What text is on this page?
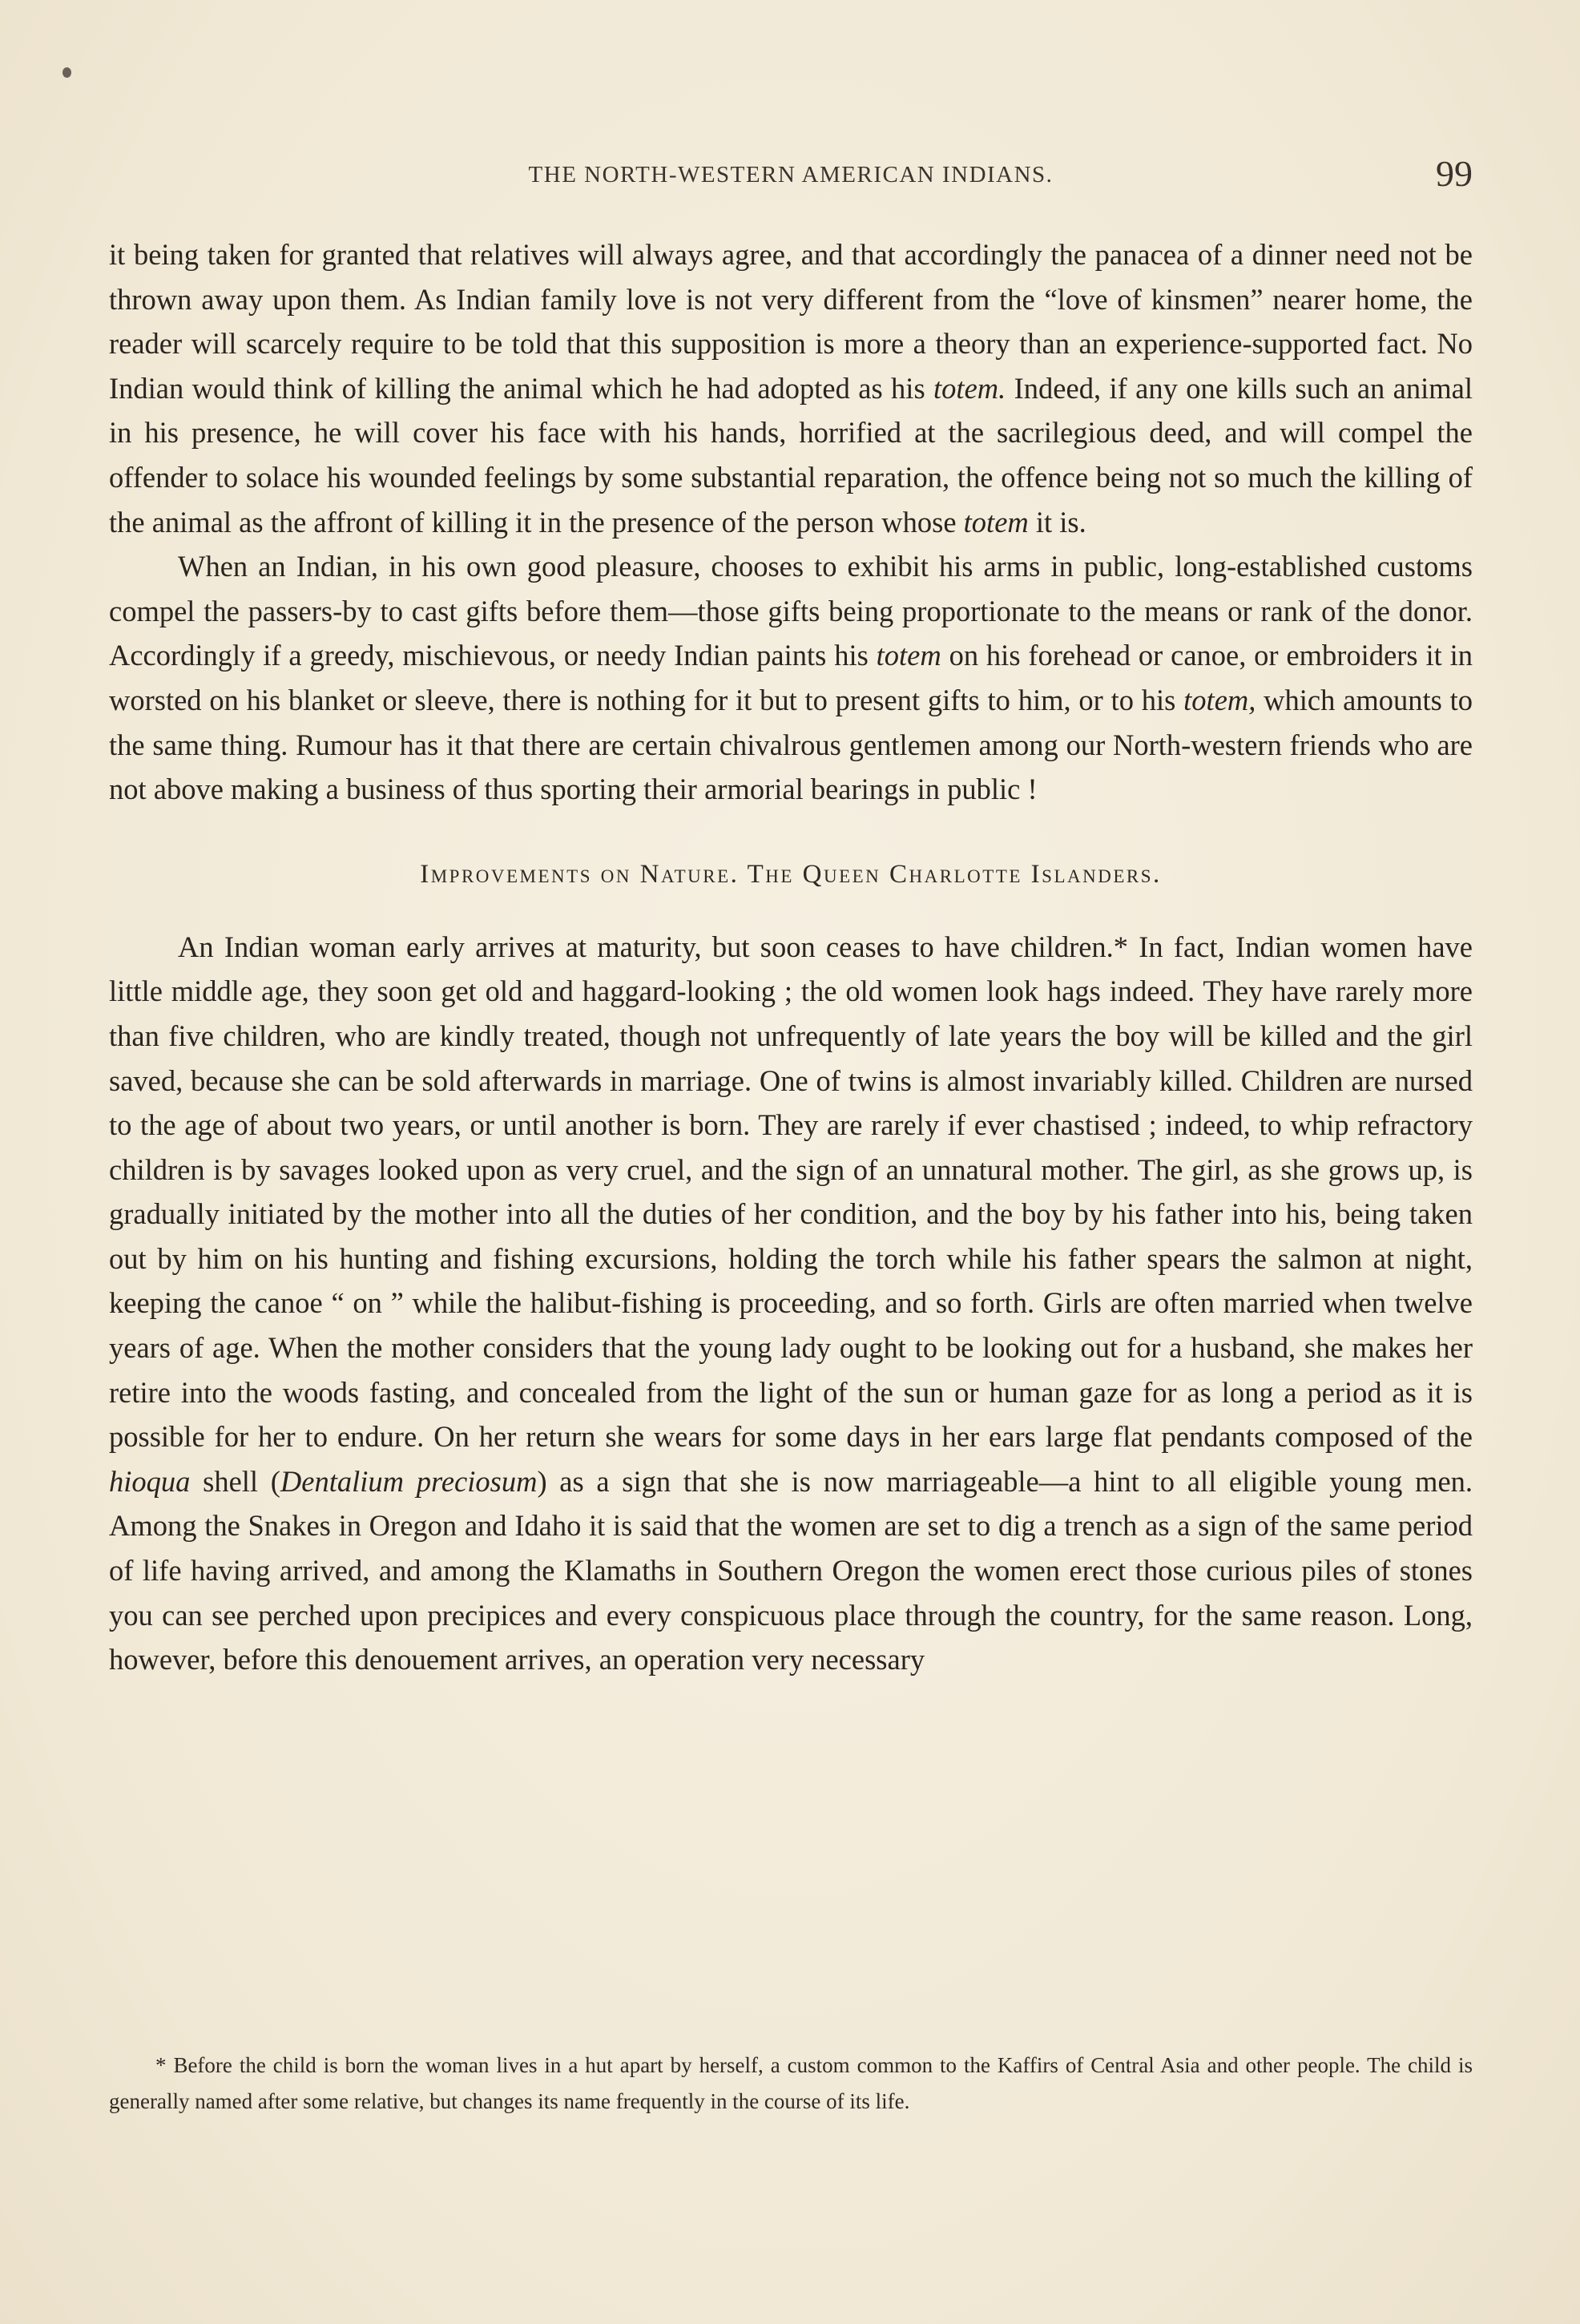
THE NORTH-WESTERN AMERICAN INDIANS.	99

it being taken for granted that relatives will always agree, and that accordingly the panacea of a dinner need not be thrown away upon them. As Indian family love is not very different from the “love of kinsmen” nearer home, the reader will scarcely require to be told that this supposition is more a theory than an experience-supported fact. No Indian would think of killing the animal which he had adopted as his totem. Indeed, if any one kills such an animal in his presence, he will cover his face with his hands, horrified at the sacrilegious deed, and will compel the offender to solace his wounded feelings by some substantial reparation, the offence being not so much the killing of the animal as the affront of killing it in the presence of the person whose totem it is.

When an Indian, in his own good pleasure, chooses to exhibit his arms in public, long-established customs compel the passers-by to cast gifts before them—those gifts being proportionate to the means or rank of the donor. Accordingly if a greedy, mischievous, or needy Indian paints his totem on his forehead or canoe, or embroiders it in worsted on his blanket or sleeve, there is nothing for it but to present gifts to him, or to his totem, which amounts to the same thing. Rumour has it that there are certain chivalrous gentlemen among our North-western friends who are not above making a business of thus sporting their armorial bearings in public !

Improvements on Nature. The Queen Charlotte Islanders.

An Indian woman early arrives at maturity, but soon ceases to have children.* In fact, Indian women have little middle age, they soon get old and haggard-looking ; the old women look hags indeed. They have rarely more than five children, who are kindly treated, though not unfrequently of late years the boy will be killed and the girl saved, because she can be sold afterwards in marriage. One of twins is almost invariably killed. Children are nursed to the age of about two years, or until another is born. They are rarely if ever chastised ; indeed, to whip refractory children is by savages looked upon as very cruel, and the sign of an unnatural mother. The girl, as she grows up, is gradually initiated by the mother into all the duties of her condition, and the boy by his father into his, being taken out by him on his hunting and fishing excursions, holding the torch while his father spears the salmon at night, keeping the canoe “ on ” while the halibut-fishing is proceeding, and so forth. Girls are often married when twelve years of age. When the mother considers that the young lady ought to be looking out for a husband, she makes her retire into the woods fasting, and concealed from the light of the sun or human gaze for as long a period as it is possible for her to endure. On her return she wears for some days in her ears large flat pendants composed of the hioqua shell (Dentalium preciosum) as a sign that she is now marriageable—a hint to all eligible young men. Among the Snakes in Oregon and Idaho it is said that the women are set to dig a trench as a sign of the same period of life having arrived, and among the Klamaths in Southern Oregon the women erect those curious piles of stones you can see perched upon precipices and every conspicuous place through the country, for the same reason. Long, however, before this denouement arrives, an operation very necessary

* Before the child is born the woman lives in a hut apart by herself, a custom common to the Kaffirs of Central Asia and other people. The child is generally named after some relative, but changes its name frequently in the course of its life.
